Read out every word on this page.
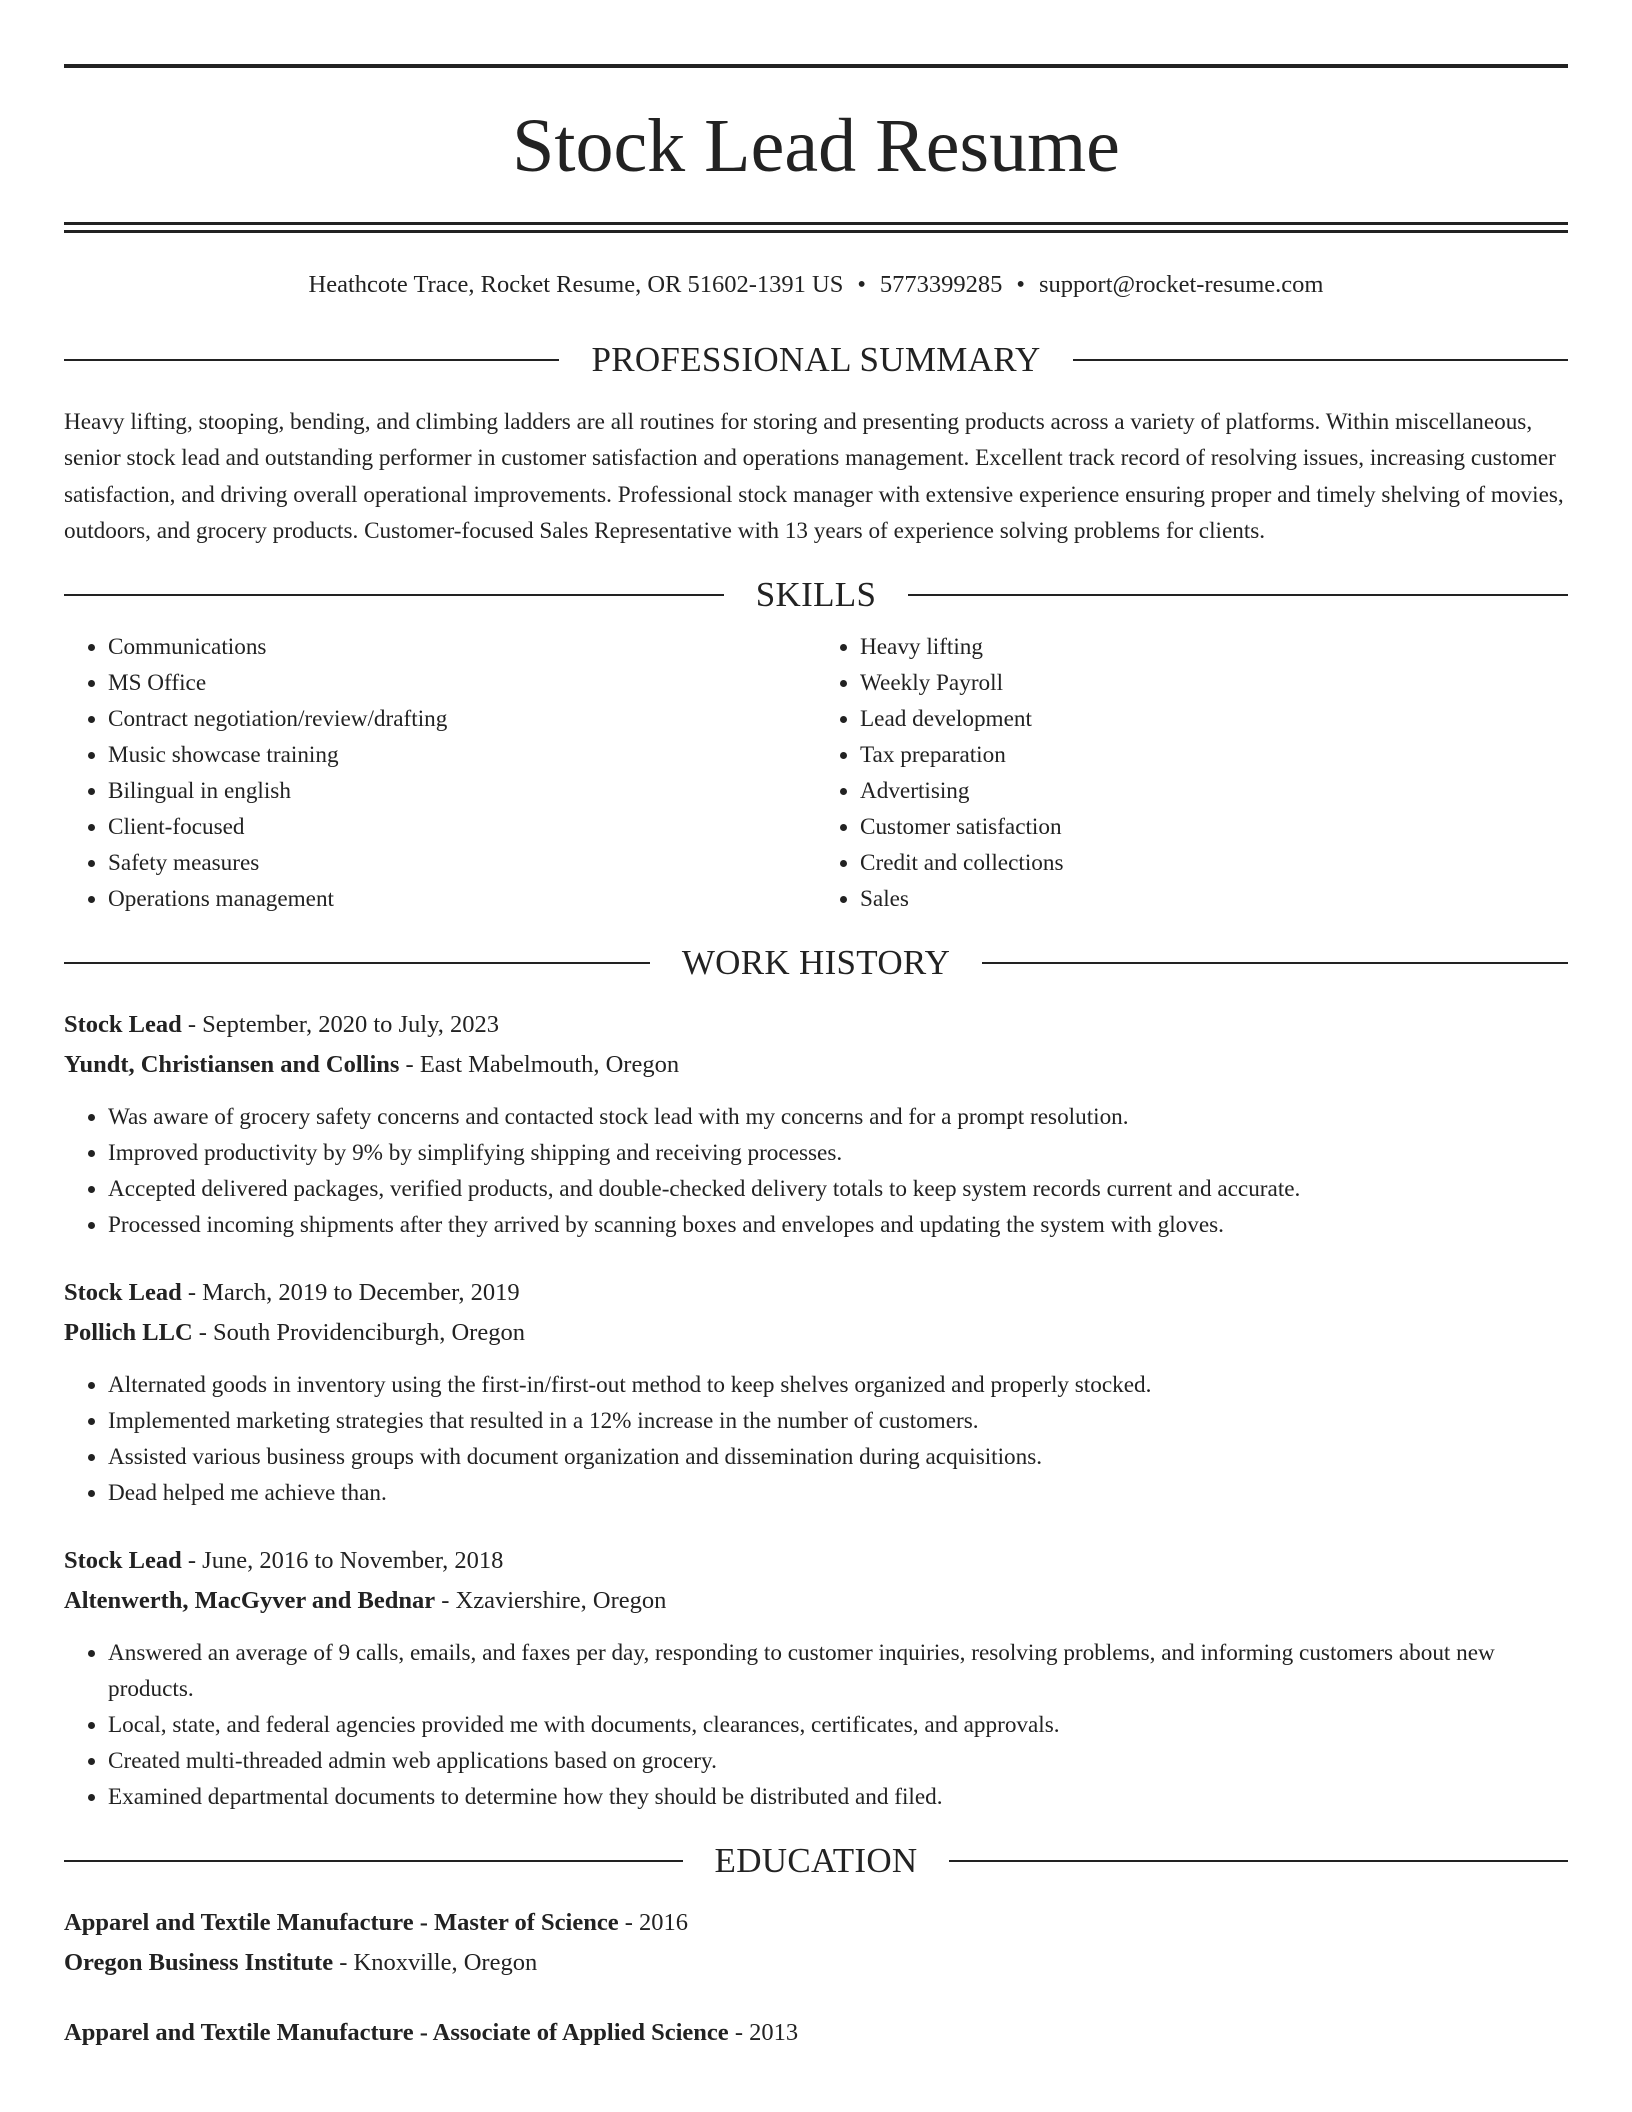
Stock Lead Resume
Heathcote Trace, Rocket Resume, OR 51602-1391 US • 5773399285 • support@rocket-resume.com
PROFESSIONAL SUMMARY

Heavy lifting, stooping, bending, and climbing ladders are all routines for storing and presenting products across a variety of platforms. Within miscellaneous, senior stock lead and outstanding performer in customer satisfaction and operations management. Excellent track record of resolving issues, increasing customer satisfaction, and driving overall operational improvements. Professional stock manager with extensive experience ensuring proper and timely shelving of movies, outdoors, and grocery products. Customer-focused Sales Representative with 13 years of experience solving problems for clients.

SKILLS
• Communications
• MS Office
• Contract negotiation/review/drafting
• Music showcase training
• Bilingual in english
• Client-focused
• Safety measures
• Operations management
• Heavy lifting
• Weekly Payroll
• Lead development
• Tax preparation
• Advertising
• Customer satisfaction
• Credit and collections
• Sales
WORK HISTORY
Stock Lead - September, 2020 to July, 2023
Yundt, Christiansen and Collins - East Mabelmouth, Oregon
• Was aware of grocery safety concerns and contacted stock lead with my concerns and for a prompt resolution.
• Improved productivity by 9% by simplifying shipping and receiving processes.
• Accepted delivered packages, verified products, and double-checked delivery totals to keep system records current and accurate.
• Processed incoming shipments after they arrived by scanning boxes and envelopes and updating the system with gloves.
Stock Lead - March, 2019 to December, 2019
Pollich LLC - South Providenciburgh, Oregon
• Alternated goods in inventory using the first-in/first-out method to keep shelves organized and properly stocked.
• Implemented marketing strategies that resulted in a 12% increase in the number of customers.
• Assisted various business groups with document organization and dissemination during acquisitions.
• Dead helped me achieve than.
Stock Lead - June, 2016 to November, 2018
Altenwerth, MacGyver and Bednar - Xzaviershire, Oregon
• Answered an average of 9 calls, emails, and faxes per day, responding to customer inquiries, resolving problems, and informing customers about new products.
• Local, state, and federal agencies provided me with documents, clearances, certificates, and approvals.
• Created multi-threaded admin web applications based on grocery.
• Examined departmental documents to determine how they should be distributed and filed.
EDUCATION
Apparel and Textile Manufacture - Master of Science - 2016
Oregon Business Institute - Knoxville, Oregon
Apparel and Textile Manufacture - Associate of Applied Science - 2013
